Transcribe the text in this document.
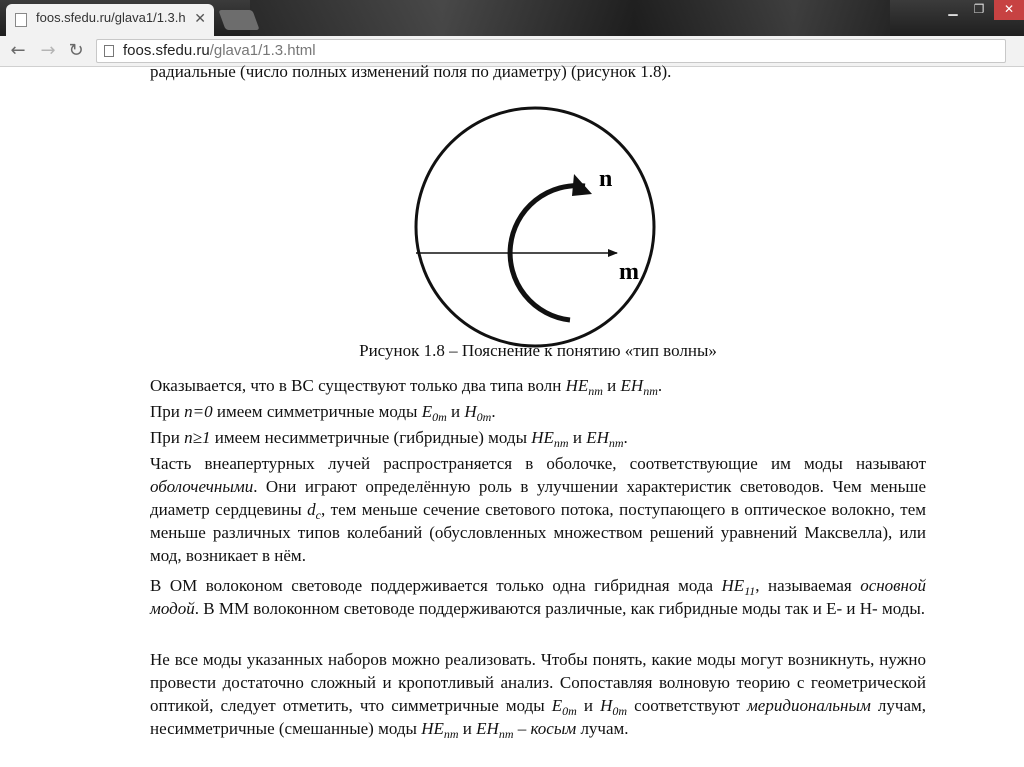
foos.sfedu.ru/glava1/1.3.h ✕
▁	❐	✕
← → ↻	foos.sfedu.ru/glava1/1.3.html
радиальные (число полных изменений поля по диаметру) (рисунок 1.8).
n
m
Рисунок 1.8 – Пояснение к понятию «тип волны»
Оказывается, что в ВС существуют только два типа волн $HE_{nm}$ и $EH_{nm}$.
При n=0 имеем симметричные моды $E_{0m}$ и $H_{0m}$.
При n≥1 имеем несимметричные (гибридные) моды $HE_{nm}$ и $EH_{nm}$.
Часть внеапертурных лучей распространяется в оболочке, соответствующие им моды называют оболочечными. Они играют определённую роль в улучшении характеристик световодов. Чем меньше диаметр сердцевины $d_c$, тем меньше сечение светового потока, поступающего в оптическое волокно, тем меньше различных типов колебаний (обусловленных множеством решений уравнений Максвелла), или мод, возникает в нём.
В ОМ волоконом световоде поддерживается только одна гибридная мода $HE_{11}$, называемая основной модой. В ММ волоконном световоде поддерживаются различные, как гибридные моды так и Е- и Н- моды.
Не все моды указанных наборов можно реализовать. Чтобы понять, какие моды могут возникнуть, нужно провести достаточно сложный и кропотливый анализ. Сопоставляя волновую теорию с геометрической оптикой, следует отметить, что симметричные моды $E_{0m}$ и $H_{0m}$ соответствуют меридиональным лучам, несимметричные (смешанные) моды $HE_{nm}$ и $EH_{nm}$ – косым лучам.
